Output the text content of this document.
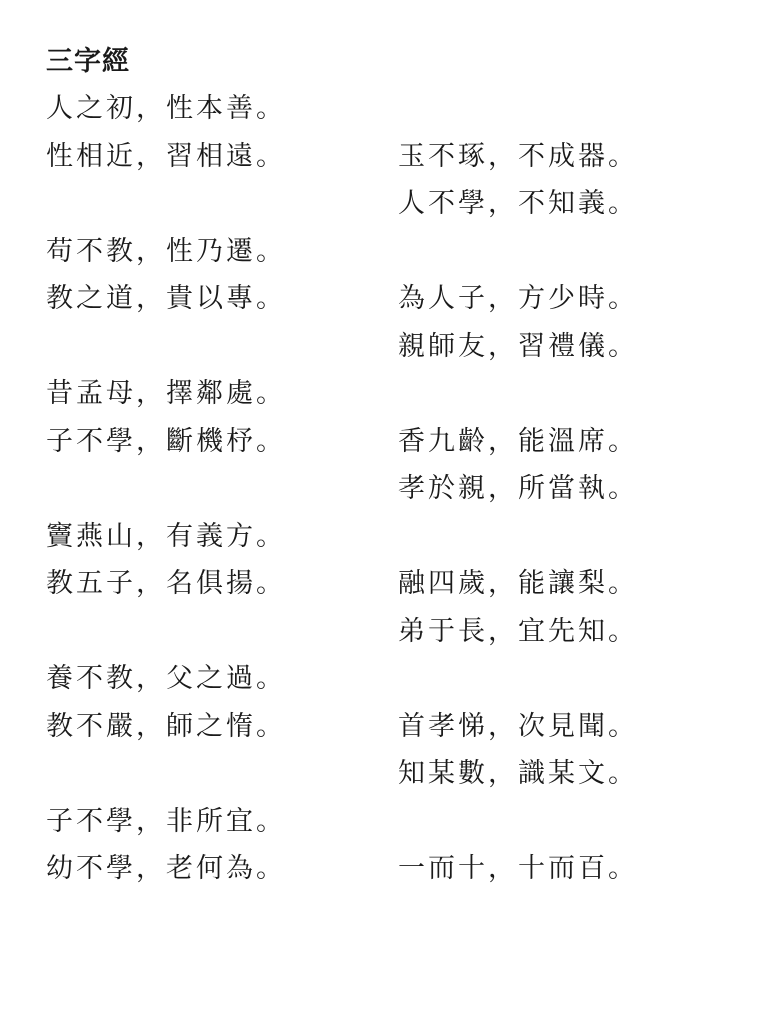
三字經
人之初，性本善。
性相近，習相遠。	玉不琢，不成器。
人不學，不知義。
苟不教，性乃遷。
教之道，貴以專。	為人子，方少時。
親師友，習禮儀。
昔孟母，擇鄰處。
子不學，斷機杼。	香九齡，能溫席。
孝於親，所當執。
竇燕山，有義方。
教五子，名俱揚。	融四歲，能讓梨。
弟于長，宜先知。
養不教，父之過。
教不嚴，師之惰。	首孝悌，次見聞。
知某數，識某文。
子不學，非所宜。
幼不學，老何為。	一而十，十而百。
